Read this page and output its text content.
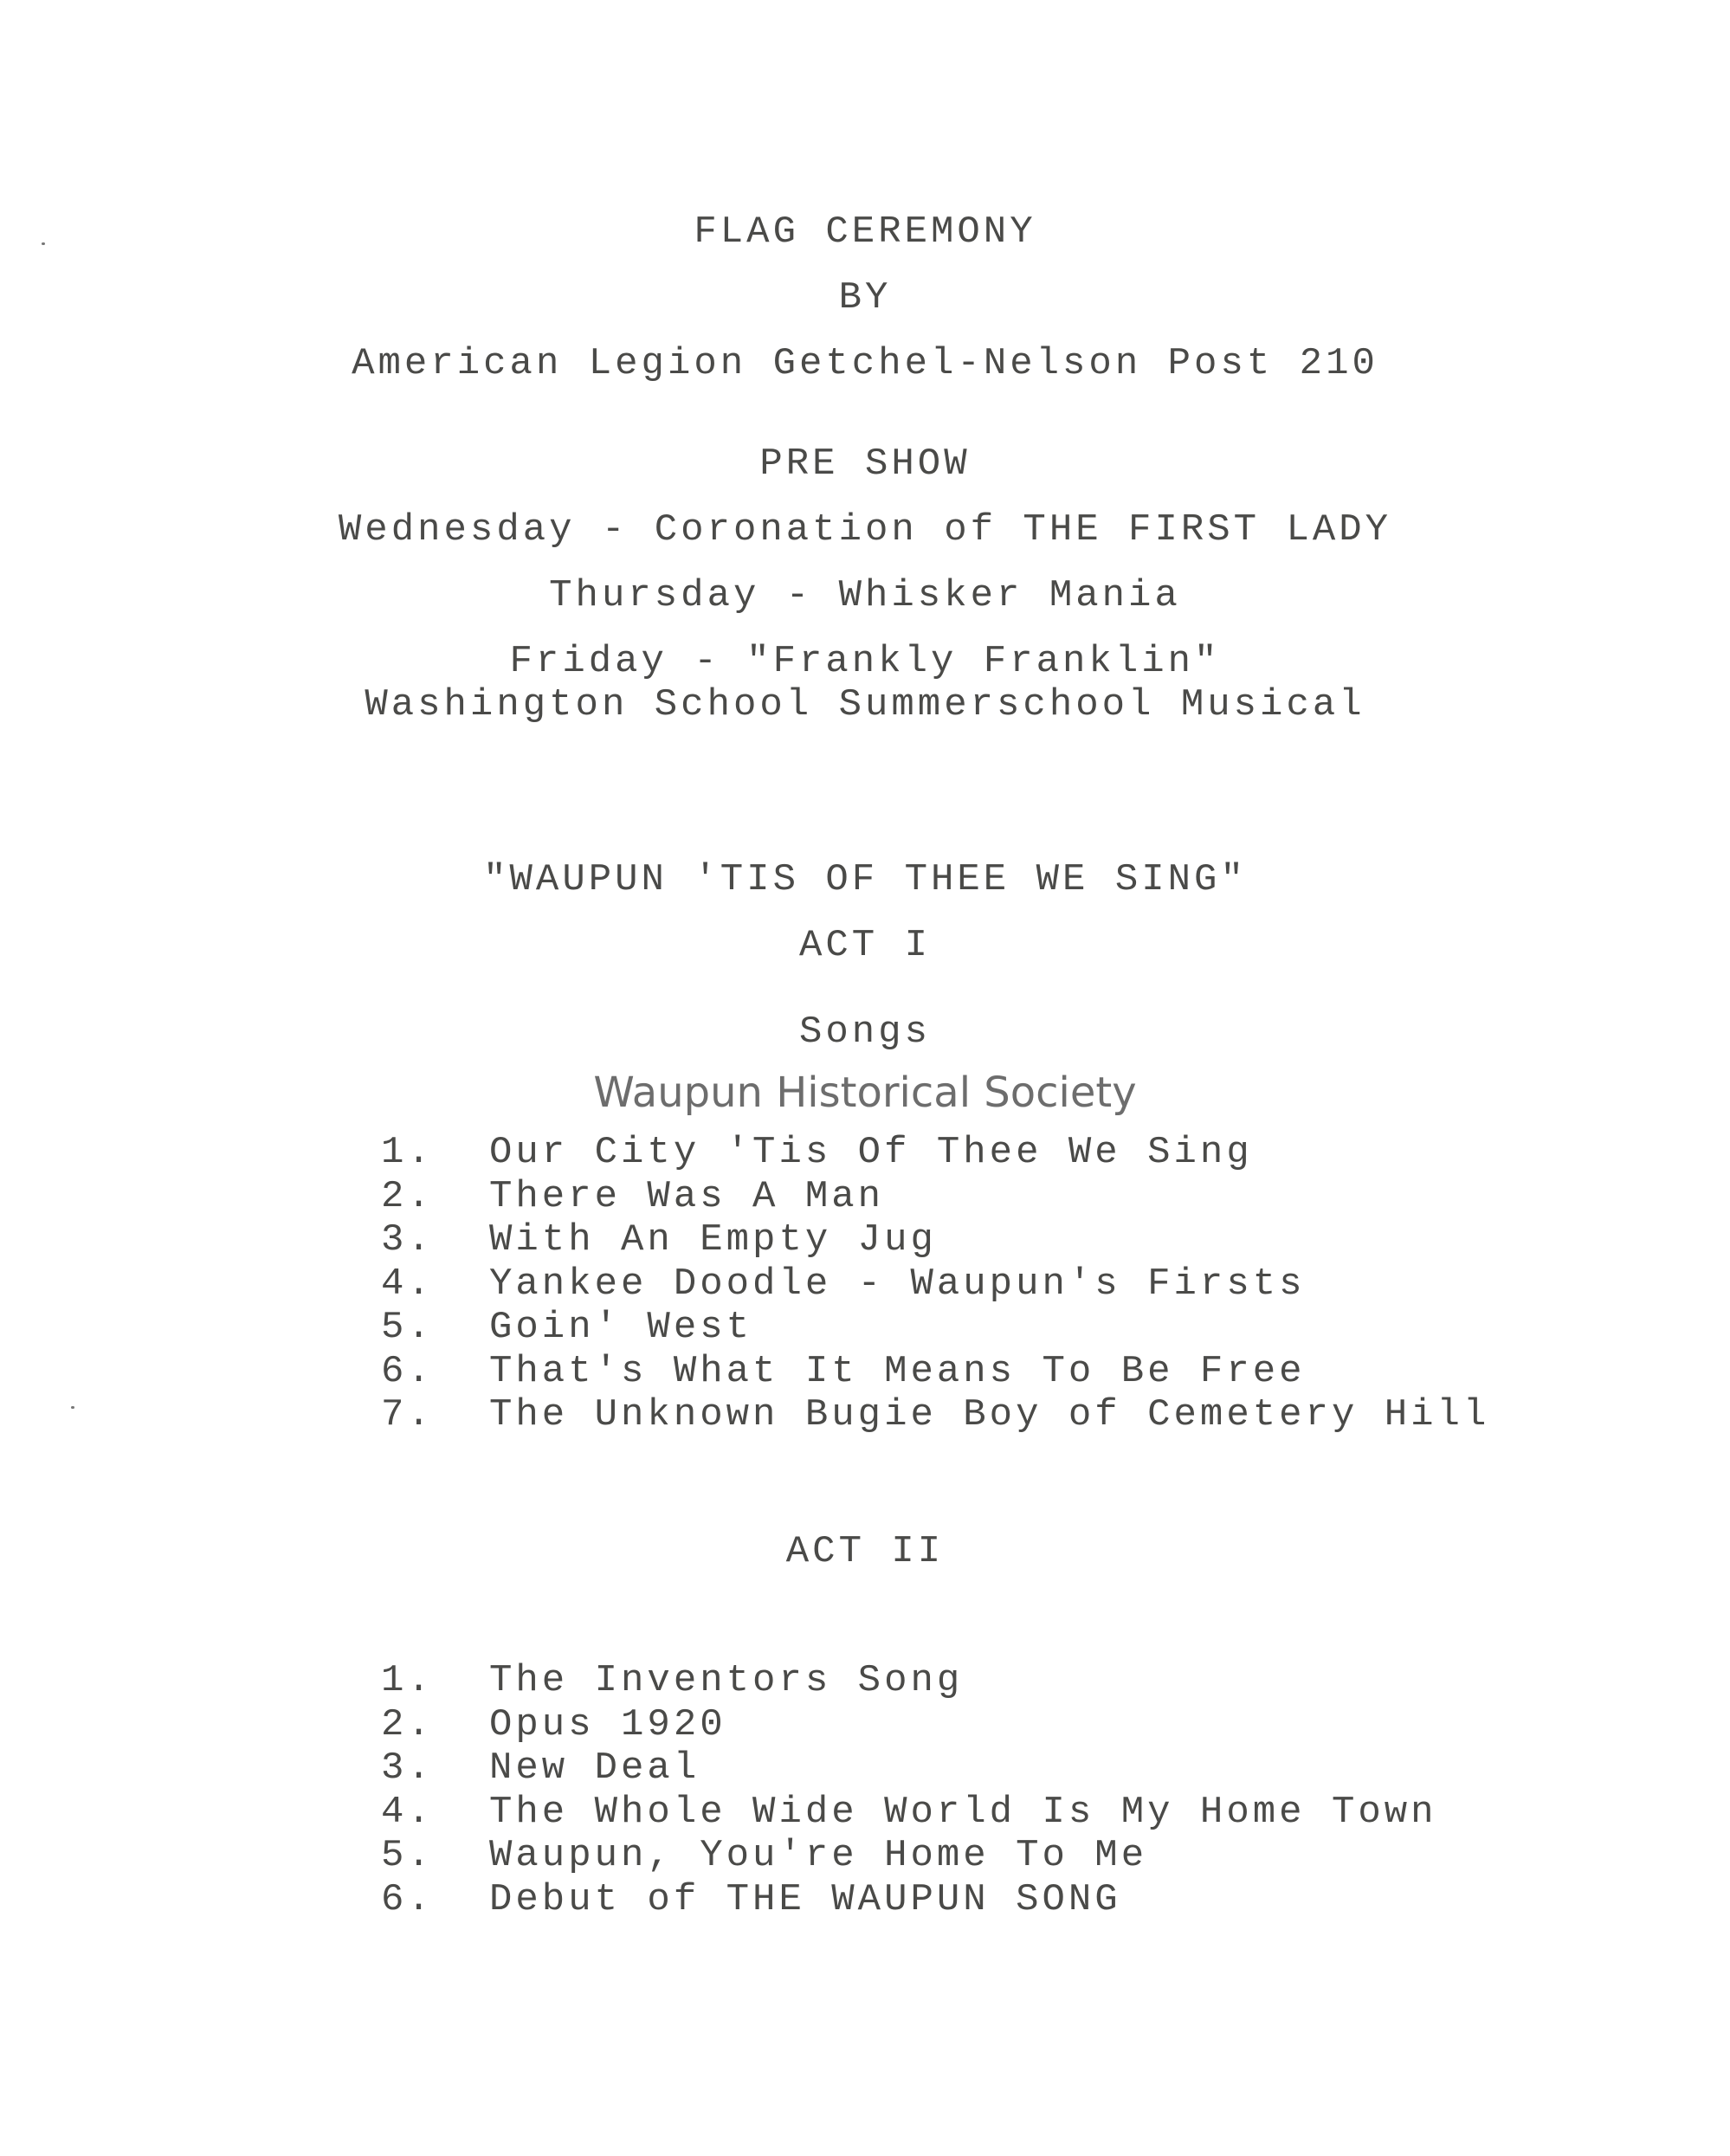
FLAG CEREMONY
BY
American Legion Getchel-Nelson Post 210
PRE SHOW
Wednesday - Coronation of THE FIRST LADY
Thursday - Whisker Mania
Friday - "Frankly Franklin"
Washington School Summerschool Musical
"WAUPUN 'TIS OF THEE WE SING"
ACT I
Songs
Waupun Historical Society
1.	Our City 'Tis Of Thee We Sing
2.	There Was A Man
3.	With An Empty Jug
4.	Yankee Doodle - Waupun's Firsts
5.	Goin' West
6.	That's What It Means To Be Free
7.	The Unknown Bugie Boy of Cemetery Hill
ACT II
1.	The Inventors Song
2.	Opus 1920
3.	New Deal
4.	The Whole Wide World Is My Home Town
5.	Waupun, You're Home To Me
6.	Debut of THE WAUPUN SONG
